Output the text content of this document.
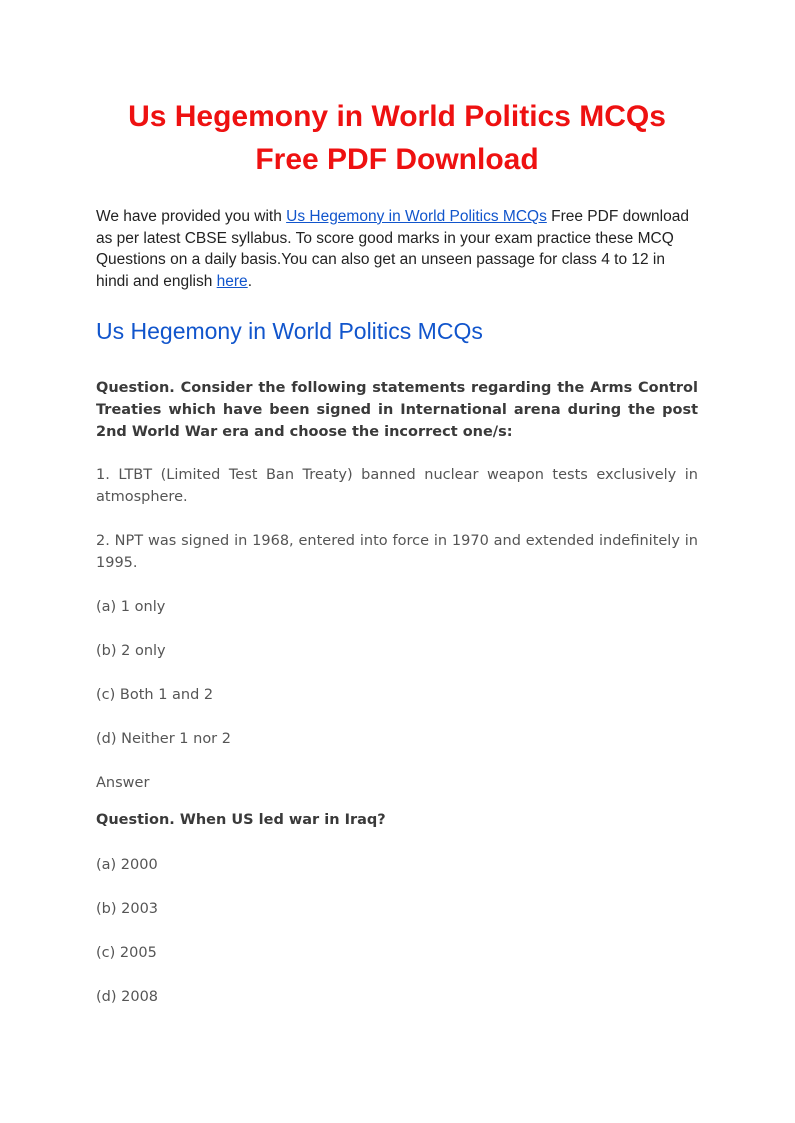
Us Hegemony in World Politics MCQs
Free PDF Download

We have provided you with Us Hegemony in World Politics MCQs Free PDF download as per latest CBSE syllabus. To score good marks in your exam practice these MCQ Questions on a daily basis.You can also get an unseen passage for class 4 to 12 in hindi and english here.

Us Hegemony in World Politics MCQs

Question. Consider the following statements regarding the Arms Control Treaties which have been signed in International arena during the post 2nd World War era and choose the incorrect one/s:

1. LTBT (Limited Test Ban Treaty) banned nuclear weapon tests exclusively in atmosphere.

2. NPT was signed in 1968, entered into force in 1970 and extended indefinitely in 1995.

(a) 1 only

(b) 2 only

(c) Both 1 and 2

(d) Neither 1 nor 2

Answer

Question. When US led war in Iraq?

(a) 2000

(b) 2003

(c) 2005

(d) 2008
